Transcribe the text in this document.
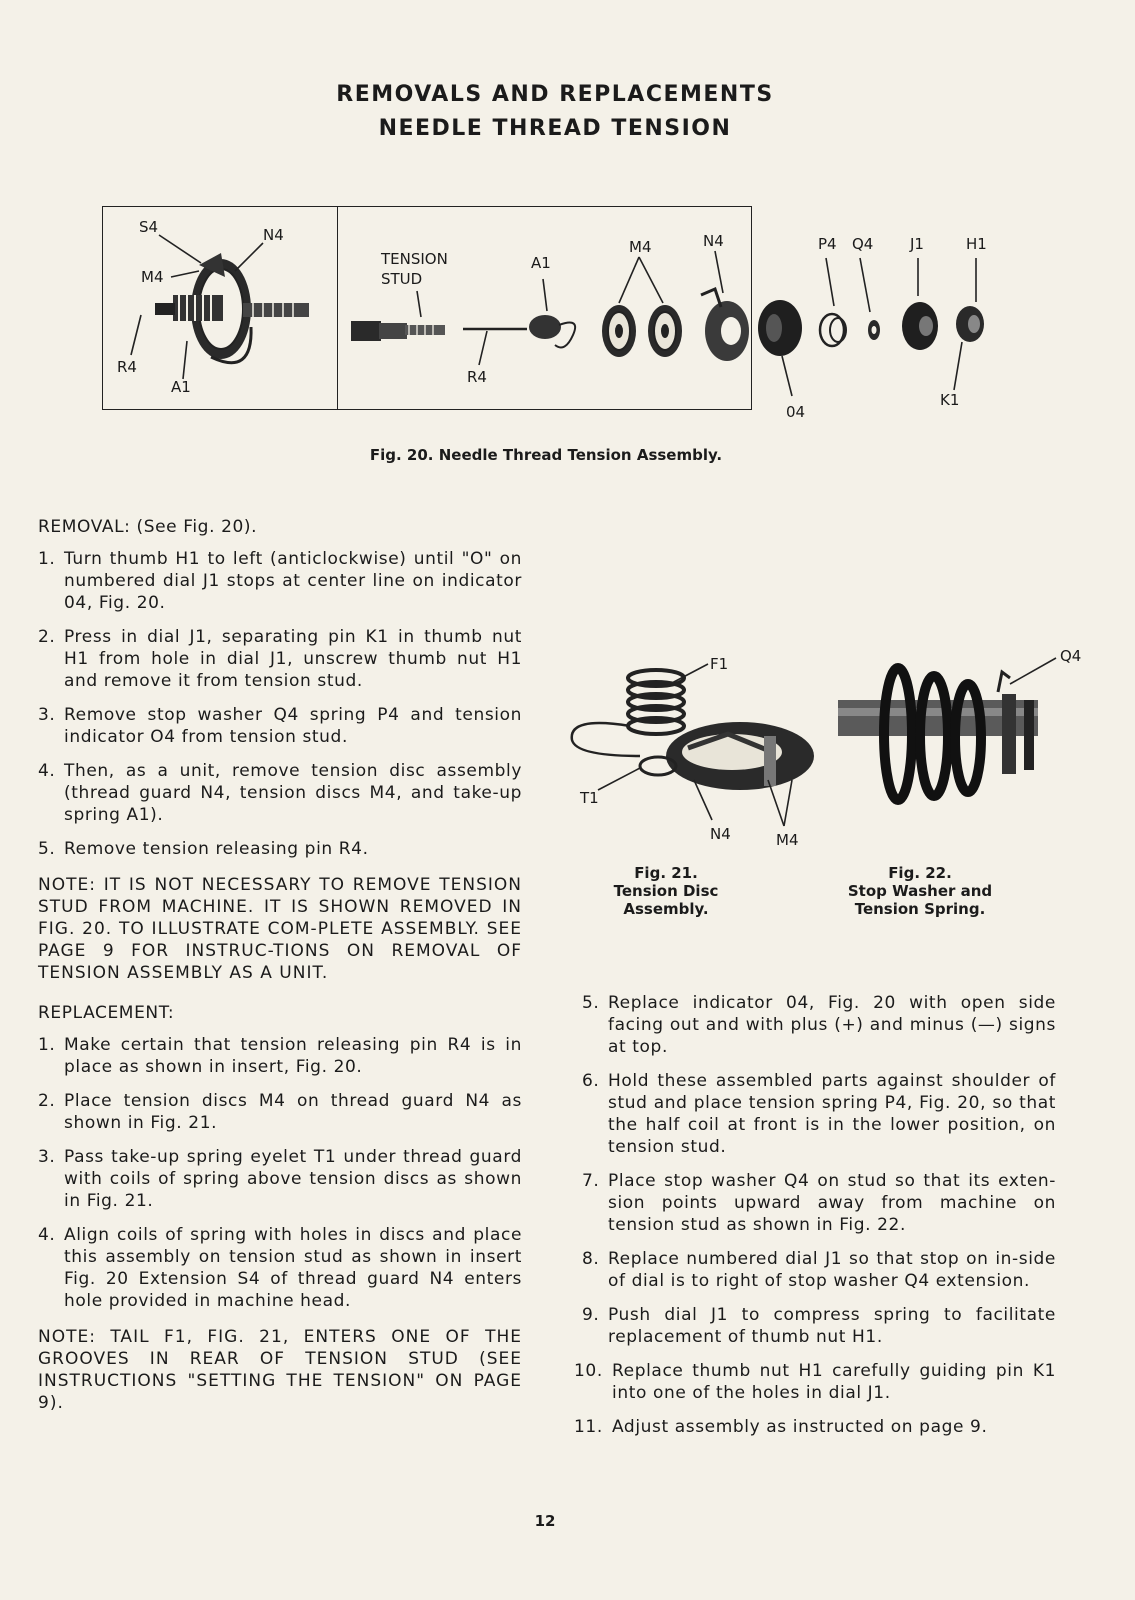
REMOVALS AND REPLACEMENTS
NEEDLE THREAD TENSION
S4	N4
M4
R4
A1
TENSION
STUD
A1
M4	N4
R4
P4 Q4 J1	H1
04
K1
Fig. 20. Needle Thread Tension Assembly.
F1
T1
N4	M4
Fig. 21.
Tension Disc
Assembly.
Q4
Fig. 22.
Stop Washer and
Tension Spring.
REMOVAL: (See Fig. 20).
1. Turn thumb H1 to left (anticlockwise) until "O" on numbered dial J1 stops at center line on indicator 04, Fig. 20.
2. Press in dial J1, separating pin K1 in thumb nut H1 from hole in dial J1, unscrew thumb nut H1 and remove it from tension stud.
3. Remove stop washer Q4 spring P4 and tension indicator O4 from tension stud.
4. Then, as a unit, remove tension disc assembly (thread guard N4, tension discs M4, and take-up spring A1).
5. Remove tension releasing pin R4.
NOTE: IT IS NOT NECESSARY TO REMOVE TENSION STUD FROM MACHINE. IT IS SHOWN REMOVED IN FIG. 20. TO ILLUSTRATE COM-PLETE ASSEMBLY. SEE PAGE 9 FOR INSTRUC-TIONS ON REMOVAL OF TENSION ASSEMBLY AS A UNIT.
REPLACEMENT:
1. Make certain that tension releasing pin R4 is in place as shown in insert, Fig. 20.
2. Place tension discs M4 on thread guard N4 as shown in Fig. 21.
3. Pass take-up spring eyelet T1 under thread guard with coils of spring above tension discs as shown in Fig. 21.
4. Align coils of spring with holes in discs and place this assembly on tension stud as shown in insert Fig. 20 Extension S4 of thread guard N4 enters hole provided in machine head.
NOTE: TAIL F1, FIG. 21, ENTERS ONE OF THE GROOVES IN REAR OF TENSION STUD (SEE INSTRUCTIONS "SETTING THE TENSION" ON PAGE 9).
5. Replace indicator 04, Fig. 20 with open side facing out and with plus (+) and minus (—) signs at top.
6. Hold these assembled parts against shoulder of stud and place tension spring P4, Fig. 20, so that the half coil at front is in the lower position, on tension stud.
7. Place stop washer Q4 on stud so that its exten-sion points upward away from machine on tension stud as shown in Fig. 22.
8. Replace numbered dial J1 so that stop on in-side of dial is to right of stop washer Q4 extension.
9. Push dial J1 to compress spring to facilitate replacement of thumb nut H1.
10. Replace thumb nut H1 carefully guiding pin K1 into one of the holes in dial J1.
11. Adjust assembly as instructed on page 9.
12
